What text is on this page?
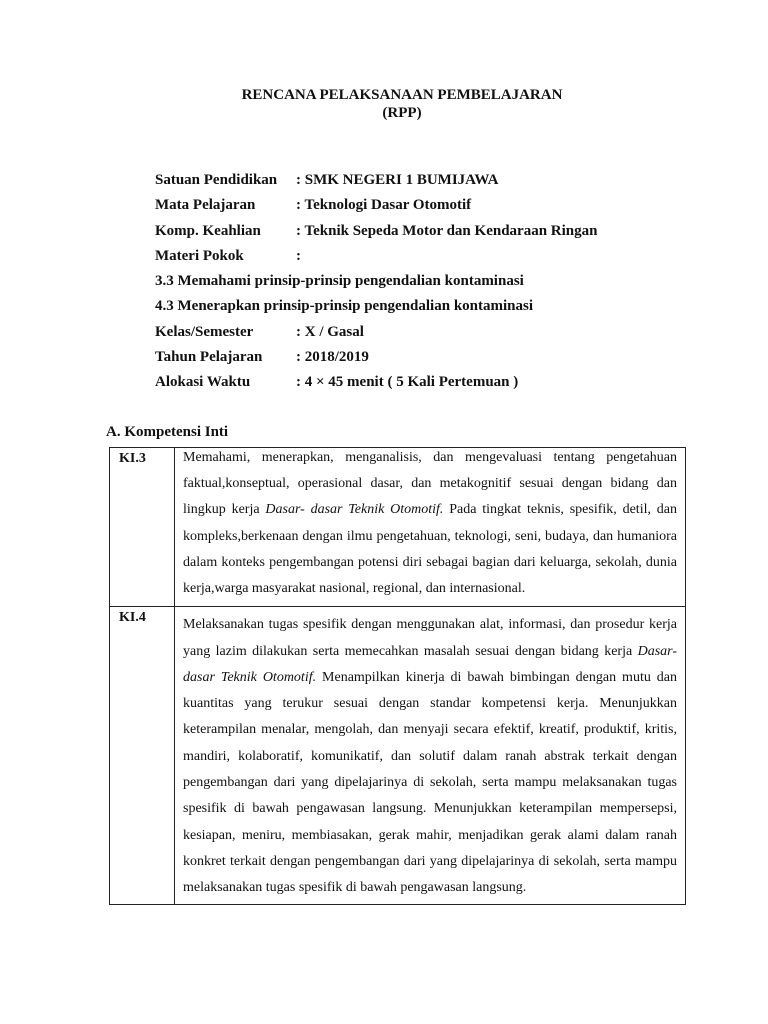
RENCANA PELAKSANAAN PEMBELAJARAN

(RPP)

Satuan Pendidikan : SMK NEGERI 1 BUMIJAWA
Mata Pelajaran	: Teknologi Dasar Otomotif
Komp. Keahlian : Teknik Sepeda Motor dan Kendaraan Ringan
Materi Pokok	:
3.3 Memahami prinsip-prinsip pengendalian kontaminasi
4.3 Menerapkan prinsip-prinsip pengendalian kontaminasi
Kelas/Semester	: X / Gasal
Tahun Pelajaran : 2018/2019
Alokasi Waktu	: 4 × 45 menit ( 5 Kali Pertemuan )
A. Kompetensi Inti
KI.3	Memahami, menerapkan, menganalisis, dan mengevaluasi tentang pengetahuan faktual,konseptual, operasional dasar, dan metakognitif sesuai dengan bidang dan lingkup kerja Dasar- dasar Teknik Otomotif. Pada tingkat teknis, spesifik, detil, dan kompleks,berkenaan dengan ilmu pengetahuan, teknologi, seni, budaya, dan humaniora dalam konteks pengembangan potensi diri sebagai bagian dari keluarga, sekolah, dunia kerja,warga masyarakat nasional, regional, dan internasional.

KI.4	Melaksanakan tugas spesifik dengan menggunakan alat, informasi, dan prosedur kerja yang lazim dilakukan serta memecahkan masalah sesuai dengan bidang kerja Dasar-dasar Teknik Otomotif. Menampilkan kinerja di bawah bimbingan dengan mutu dan kuantitas yang terukur sesuai dengan standar kompetensi kerja. Menunjukkan keterampilan menalar, mengolah, dan menyaji secara efektif, kreatif, produktif, kritis, mandiri, kolaboratif, komunikatif, dan solutif dalam ranah abstrak terkait dengan pengembangan dari yang dipelajarinya di sekolah, serta mampu melaksanakan tugas spesifik di bawah pengawasan langsung. Menunjukkan keterampilan mempersepsi, kesiapan, meniru, membiasakan, gerak mahir, menjadikan gerak alami dalam ranah konkret terkait dengan pengembangan dari yang dipelajarinya di sekolah, serta mampu melaksanakan tugas spesifik di bawah pengawasan langsung.
